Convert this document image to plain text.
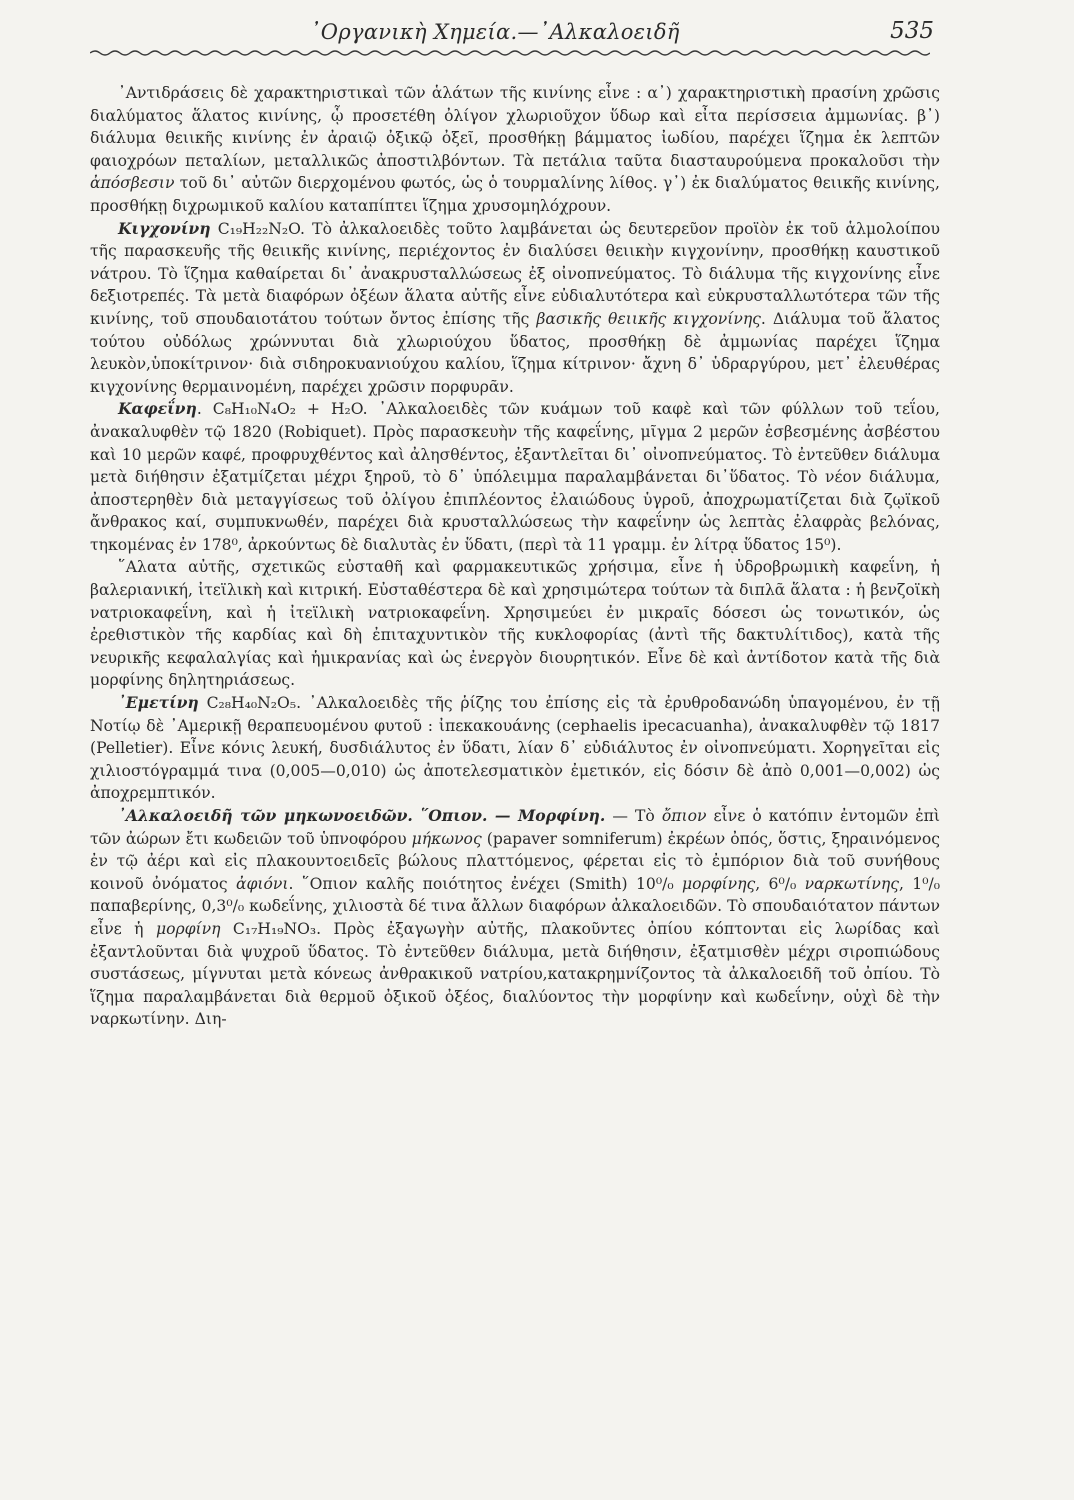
᾿Οργανικὴ Χημεία.—᾿Αλκαλοειδῆ	535

᾿Αντιδράσεις δὲ χαρακτηριστικαὶ τῶν ἁλάτων τῆς κινίνης εἶνε : α᾽) χαρακτηριστικὴ πρασίνη χρῶσις διαλύματος ἅλατος κινίνης, ᾧ προσετέθη ὀλίγον χλωριοῦχον ὕδωρ καὶ εἶτα περίσσεια ἀμμωνίας. β᾽) διάλυμα θειικῆς κινίνης ἐν ἀραιῷ ὀξικῷ ὀξεῖ, προσθήκῃ βάμματος ἰωδίου, παρέχει ἵζημα ἐκ λεπτῶν φαιοχρόων πεταλίων, μεταλλικῶς ἀποστιλβόντων. Τὰ πετάλια ταῦτα διασταυρούμενα προκαλοῦσι τὴν ἀπόσβεσιν τοῦ δι᾽ αὐτῶν διερχομένου φωτός, ὡς ὁ τουρμαλίνης λίθος. γ᾽) ἐκ διαλύματος θειικῆς κινίνης, προσθήκῃ διχρωμικοῦ καλίου καταπίπτει ἵζημα χρυσομηλόχρουν.

Κιγχονίνη C₁₉H₂₂N₂O. Τὸ ἀλκαλοειδὲς τοῦτο λαμβάνεται ὡς δευτερεῦον προϊὸν ἐκ τοῦ ἁλμολοίπου τῆς παρασκευῆς τῆς θειικῆς κινίνης, περιέχοντος ἐν διαλύσει θειικὴν κιγχονίνην, προσθήκῃ καυστικοῦ νάτρου. Τὸ ἵζημα καθαίρεται δι᾽ ἀνακρυσταλλώσεως ἐξ οἰνοπνεύματος. Τὸ διάλυμα τῆς κιγχονίνης εἶνε δεξιοτρεπές. Τὰ μετὰ διαφόρων ὀξέων ἅλατα αὐτῆς εἶνε εὐδιαλυτότερα καὶ εὐκρυσταλλωτότερα τῶν τῆς κινίνης, τοῦ σπουδαιοτάτου τούτων ὄντος ἐπίσης τῆς βασικῆς θειικῆς κιγχονίνης. Διάλυμα τοῦ ἅλατος τούτου οὐδόλως χρώννυται διὰ χλωριούχου ὕδατος, προσθήκῃ δὲ ἀμμωνίας παρέχει ἵζημα λευκὸν,ὑποκίτρινον· διὰ σιδηροκυανιούχου καλίου, ἵζημα κίτρινον· ἄχνη δ᾽ ὑδραργύρου, μετ᾽ ἐλευθέρας κιγχονίνης θερμαινομένη, παρέχει χρῶσιν πορφυρᾶν.

Καφεΐνη. C₈H₁₀N₄O₂ + H₂O. ᾿Αλκαλοειδὲς τῶν κυάμων τοῦ καφὲ καὶ τῶν φύλλων τοῦ τεΐου, ἀνακαλυφθὲν τῷ 1820 (Robiquet). Πρὸς παρασκευὴν τῆς καφεΐνης, μῖγμα 2 μερῶν ἐσβεσμένης ἀσβέστου καὶ 10 μερῶν καφέ, προφρυχθέντος καὶ ἀλησθέντος, ἐξαντλεῖται δι᾽ οἰνοπνεύματος. Τὸ ἐντεῦθεν διάλυμα μετὰ διήθησιν ἐξατμίζεται μέχρι ξηροῦ, τὸ δ᾽ ὑπόλειμμα παραλαμβάνεται δι᾽ὕδατος. Τὸ νέον διάλυμα, ἀποστερηθὲν διὰ μεταγγίσεως τοῦ ὀλίγου ἐπιπλέοντος ἐλαιώδους ὑγροῦ, ἀποχρωματίζεται διὰ ζῳϊκοῦ ἄνθρακος καί, συμπυκνωθέν, παρέχει διὰ κρυσταλλώσεως τὴν καφεΐνην ὡς λεπτὰς ἐλαφρὰς βελόνας, τηκομένας ἐν 178⁰, ἀρκούντως δὲ διαλυτὰς ἐν ὕδατι, (περὶ τὰ 11 γραμμ. ἐν λίτρᾳ ὕδατος 15⁰).

῞Αλατα αὐτῆς, σχετικῶς εὐσταθῆ καὶ φαρμακευτικῶς χρήσιμα, εἶνε ἡ ὑδροβρωμικὴ καφεΐνη, ἡ βαλεριανική, ἰτεϊλικὴ καὶ κιτρική. Εὐσταθέστερα δὲ καὶ χρησιμώτερα τούτων τὰ διπλᾶ ἅλατα : ἡ βενζοϊκὴ νατριοκαφεΐνη, καὶ ἡ ἰτεϊλικὴ νατριοκαφεΐνη. Χρησιμεύει ἐν μικραῖς δόσεσι ὡς τονωτικόν, ὡς ἐρεθιστικὸν τῆς καρδίας καὶ δὴ ἐπιταχυντικὸν τῆς κυκλοφορίας (ἀντὶ τῆς δακτυλίτιδος), κατὰ τῆς νευρικῆς κεφαλαλγίας καὶ ἡμικρανίας καὶ ὡς ἐνεργὸν διουρητικόν. Εἶνε δὲ καὶ ἀντίδοτον κατὰ τῆς διὰ μορφίνης δηλητηριάσεως.

᾿Εμετίνη C₂₈H₄₀N₂O₅. ᾿Αλκαλοειδὲς τῆς ῥίζης του ἐπίσης εἰς τὰ ἐρυθροδανώδη ὑπαγομένου, ἐν τῇ Νοτίῳ δὲ ᾿Αμερικῇ θεραπευομένου φυτοῦ : ἰπεκακουάνης (cephaelis ipecacuanha), ἀνακαλυφθὲν τῷ 1817 (Pelletier). Εἶνε κόνις λευκή, δυσδιάλυτος ἐν ὕδατι, λίαν δ᾽ εὐδιάλυτος ἐν οἰνοπνεύματι. Χορηγεῖται εἰς χιλιοστόγραμμά τινα (0,005—0,010) ὡς ἀποτελεσματικὸν ἐμετικόν, εἰς δόσιν δὲ ἀπὸ 0,001—0,002) ὡς ἀποχρεμπτικόν.

᾿Αλκαλοειδῆ τῶν μηκωνοειδῶν. ῞Οπιον. — Μορφίνη. — Τὸ ὄπιον εἶνε ὁ κατόπιν ἐντομῶν ἐπὶ τῶν ἀώρων ἔτι κωδειῶν τοῦ ὑπνοφόρου μήκωνος (papaver somniferum) ἐκρέων ὀπός, ὅστις, ξηραινόμενος ἐν τῷ ἀέρι καὶ εἰς πλακουντοειδεῖς βώλους πλαττόμενος, φέρεται εἰς τὸ ἐμπόριον διὰ τοῦ συνήθους κοινοῦ ὀνόματος ἀφιόνι. ῞Οπιον καλῆς ποιότητος ἐνέχει (Smith) 10⁰/₀ μορφίνης, 6⁰/₀ ναρκωτίνης, 1⁰/₀ παπαβερίνης, 0,3⁰/₀ κωδεΐνης, χιλιοστὰ δέ τινα ἄλλων διαφόρων ἀλκαλοειδῶν. Τὸ σπουδαιότατον πάντων εἶνε ἡ μορφίνη C₁₇H₁₉NO₃. Πρὸς ἐξαγωγὴν αὐτῆς, πλακοῦντες ὀπίου κόπτονται εἰς λωρίδας καὶ ἐξαντλοῦνται διὰ ψυχροῦ ὕδατος. Τὸ ἐντεῦθεν διάλυμα, μετὰ διήθησιν, ἐξατμισθὲν μέχρι σιροπιώδους συστάσεως, μίγνυται μετὰ κόνεως ἀνθρακικοῦ νατρίου,κατακρημνίζοντος τὰ ἀλκαλοειδῆ τοῦ ὀπίου. Τὸ ἵζημα παραλαμβάνεται διὰ θερμοῦ ὀξικοῦ ὀξέος, διαλύοντος τὴν μορφίνην καὶ κωδεΐνην, οὐχὶ δὲ τὴν ναρκωτίνην. Διη-
